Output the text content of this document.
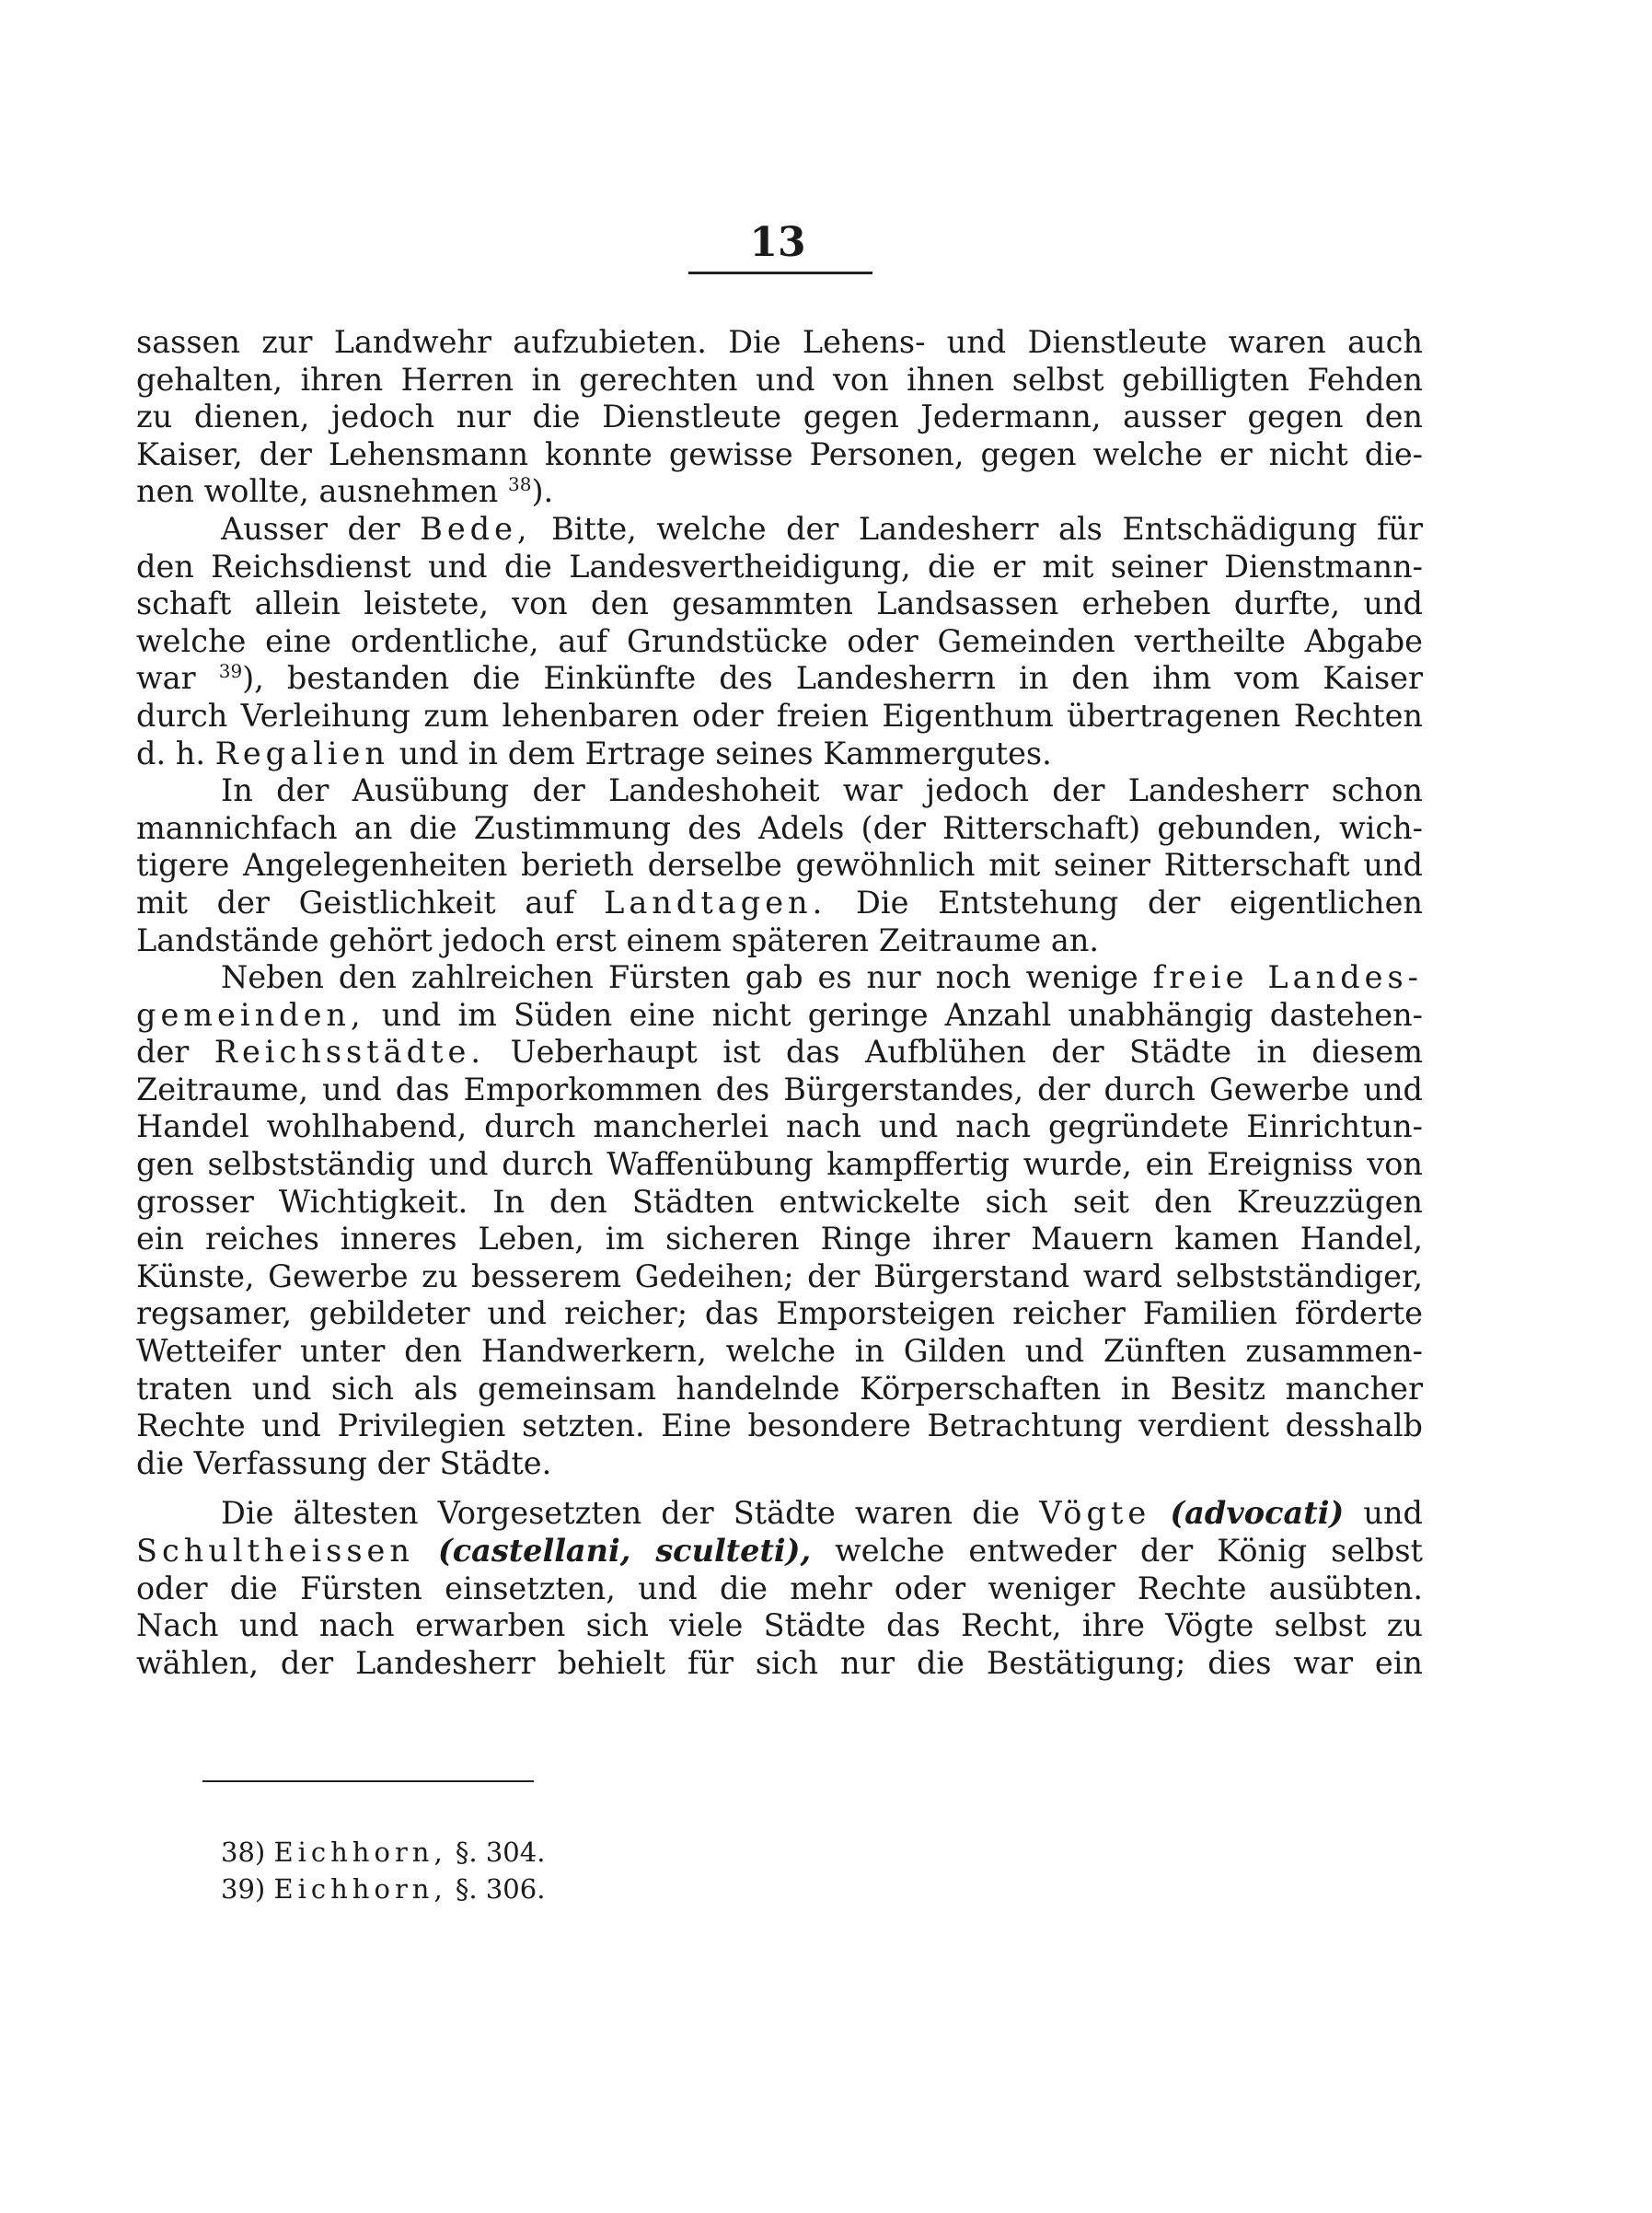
13
sassen zur Landwehr aufzubieten. Die Lehens- und Dienstleute waren auch
gehalten, ihren Herren in gerechten und von ihnen selbst gebilligten Fehden
zu dienen, jedoch nur die Dienstleute gegen Jedermann, ausser gegen den
Kaiser, der Lehensmann konnte gewisse Personen, gegen welche er nicht die-
nen wollte, ausnehmen $^{38}$).
Ausser der Bede, Bitte, welche der Landesherr als Entschädigung für
den Reichsdienst und die Landesvertheidigung, die er mit seiner Dienstmann-
schaft allein leistete, von den gesammten Landsassen erheben durfte, und
welche eine ordentliche, auf Grundstücke oder Gemeinden vertheilte Abgabe
war $^{39}$), bestanden die Einkünfte des Landesherrn in den ihm vom Kaiser
durch Verleihung zum lehenbaren oder freien Eigenthum übertragenen Rechten
d. h. Regalien und in dem Ertrage seines Kammergutes.
In der Ausübung der Landeshoheit war jedoch der Landesherr schon
mannichfach an die Zustimmung des Adels (der Ritterschaft) gebunden, wich-
tigere Angelegenheiten berieth derselbe gewöhnlich mit seiner Ritterschaft und
mit der Geistlichkeit auf Landtagen. Die Entstehung der eigentlichen
Landstände gehört jedoch erst einem späteren Zeitraume an.
Neben den zahlreichen Fürsten gab es nur noch wenige freie Landes-
gemeinden, und im Süden eine nicht geringe Anzahl unabhängig dastehen-
der Reichsstädte. Ueberhaupt ist das Aufblühen der Städte in diesem
Zeitraume, und das Emporkommen des Bürgerstandes, der durch Gewerbe und
Handel wohlhabend, durch mancherlei nach und nach gegründete Einrichtun-
gen selbstständig und durch Waffenübung kampffertig wurde, ein Ereigniss von
grosser Wichtigkeit. In den Städten entwickelte sich seit den Kreuzzügen
ein reiches inneres Leben, im sicheren Ringe ihrer Mauern kamen Handel,
Künste, Gewerbe zu besserem Gedeihen; der Bürgerstand ward selbstständiger,
regsamer, gebildeter und reicher; das Emporsteigen reicher Familien förderte
Wetteifer unter den Handwerkern, welche in Gilden und Zünften zusammen-
traten und sich als gemeinsam handelnde Körperschaften in Besitz mancher
Rechte und Privilegien setzten. Eine besondere Betrachtung verdient desshalb
die Verfassung der Städte.
Die ältesten Vorgesetzten der Städte waren die Vögte (advocati) und
Schultheissen (castellani, sculteti), welche entweder der König selbst
oder die Fürsten einsetzten, und die mehr oder weniger Rechte ausübten.
Nach und nach erwarben sich viele Städte das Recht, ihre Vögte selbst zu
wählen, der Landesherr behielt für sich nur die Bestätigung; dies war ein
38) Eichhorn, §. 304.
39) Eichhorn, §. 306.
